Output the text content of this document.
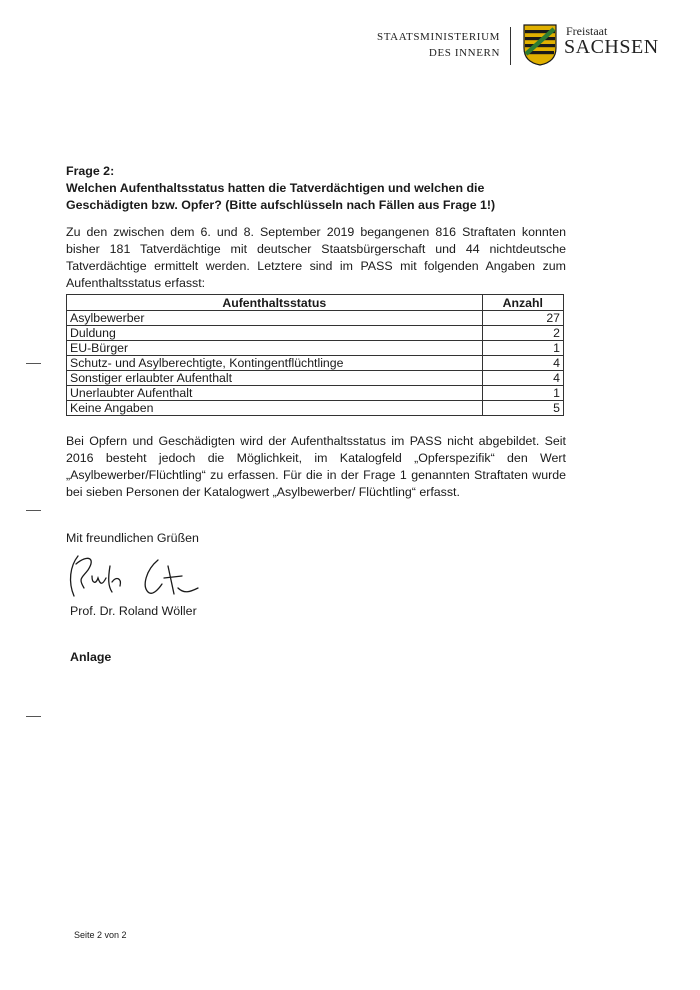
STAATSMINISTERIUM
DES INNERN
Freistaat
SACHSEN
Frage 2:
Welchen Aufenthaltsstatus hatten die Tatverdächtigen und welchen die Geschädigten bzw. Opfer? (Bitte aufschlüsseln nach Fällen aus Frage 1!)
Zu den zwischen dem 6. und 8. September 2019 begangenen 816 Straftaten konnten bisher 181 Tatverdächtige mit deutscher Staatsbürgerschaft und 44 nichtdeutsche Tatverdächtige ermittelt werden. Letztere sind im PASS mit folgenden Angaben zum Aufenthaltsstatus erfasst:
Aufenthaltsstatus	Anzahl
Asylbewerber	27
Duldung	2
EU-Bürger	1
Schutz- und Asylberechtigte, Kontingentflüchtlinge	4
Sonstiger erlaubter Aufenthalt	4
Unerlaubter Aufenthalt	1
Keine Angaben	5
Bei Opfern und Geschädigten wird der Aufenthaltsstatus im PASS nicht abgebildet. Seit 2016 besteht jedoch die Möglichkeit, im Katalogfeld „Opferspezifik“ den Wert „Asylbewerber/Flüchtling“ zu erfassen. Für die in der Frage 1 genannten Straftaten wurde bei sieben Personen der Katalogwert „Asylbewerber/ Flüchtling“ erfasst.
Mit freundlichen Grüßen
Prof. Dr. Roland Wöller
Anlage
Seite 2 von 2
